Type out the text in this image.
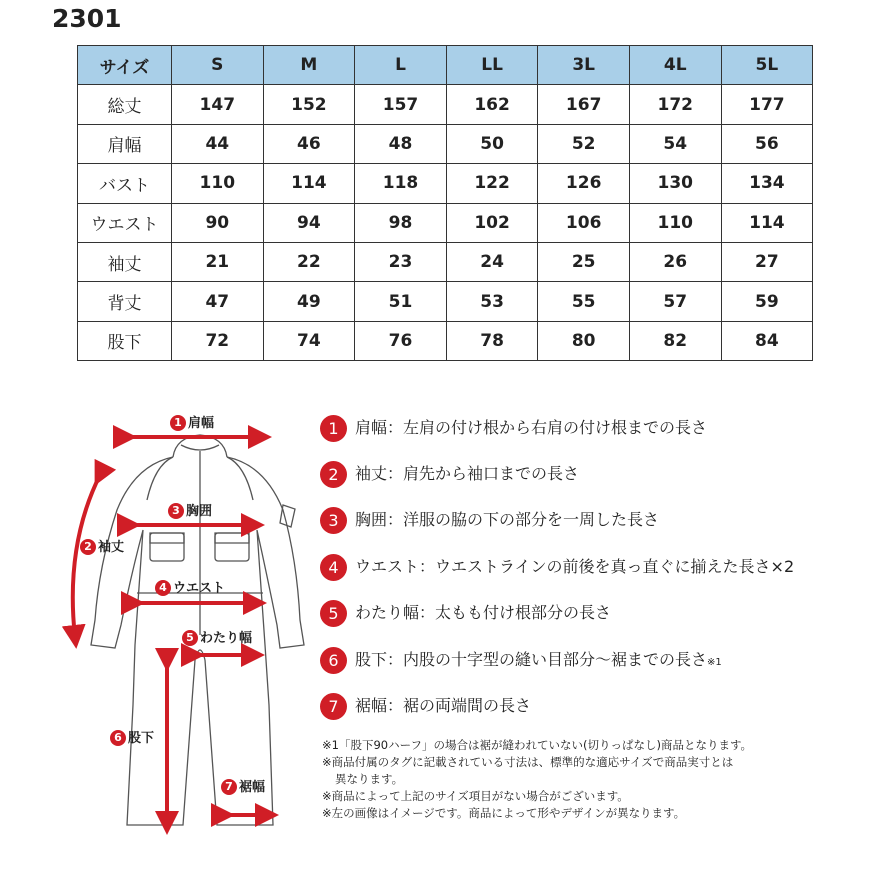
2301
サイズ	S	M	L	LL	3L	4L	5L
総丈	147	152	157	162	167	172	177
肩幅	44	46	48	50	52	54	56
バスト	110	114	118	122	126	130	134
ウエスト	90	94	98	102	106	110	114
袖丈	21	22	23	24	25	26	27
背丈	47	49	51	53	55	57	59
股下	72	74	76	78	80	82	84
1 肩幅
3 胸囲
2 袖丈
4 ウエスト
5 わたり幅
6 股下
7 裾幅
1 肩幅：左肩の付け根から右肩の付け根までの長さ
2 袖丈：肩先から袖口までの長さ
3 胸囲：洋服の脇の下の部分を一周した長さ
4 ウエスト：ウエストラインの前後を真っ直ぐに揃えた長さ×2
5 わたり幅：太もも付け根部分の長さ
6 股下：内股の十字型の縫い目部分～裾までの長さ※1
7 裾幅：裾の両端間の長さ
※1「股下90ハーフ」の場合は裾が縫われていない(切りっぱなし)商品となります。
※商品付属のタグに記載されている寸法は、標準的な適応サイズで商品実寸とは
異なります。
※商品によって上記のサイズ項目がない場合がございます。
※左の画像はイメージです。商品によって形やデザインが異なります。
